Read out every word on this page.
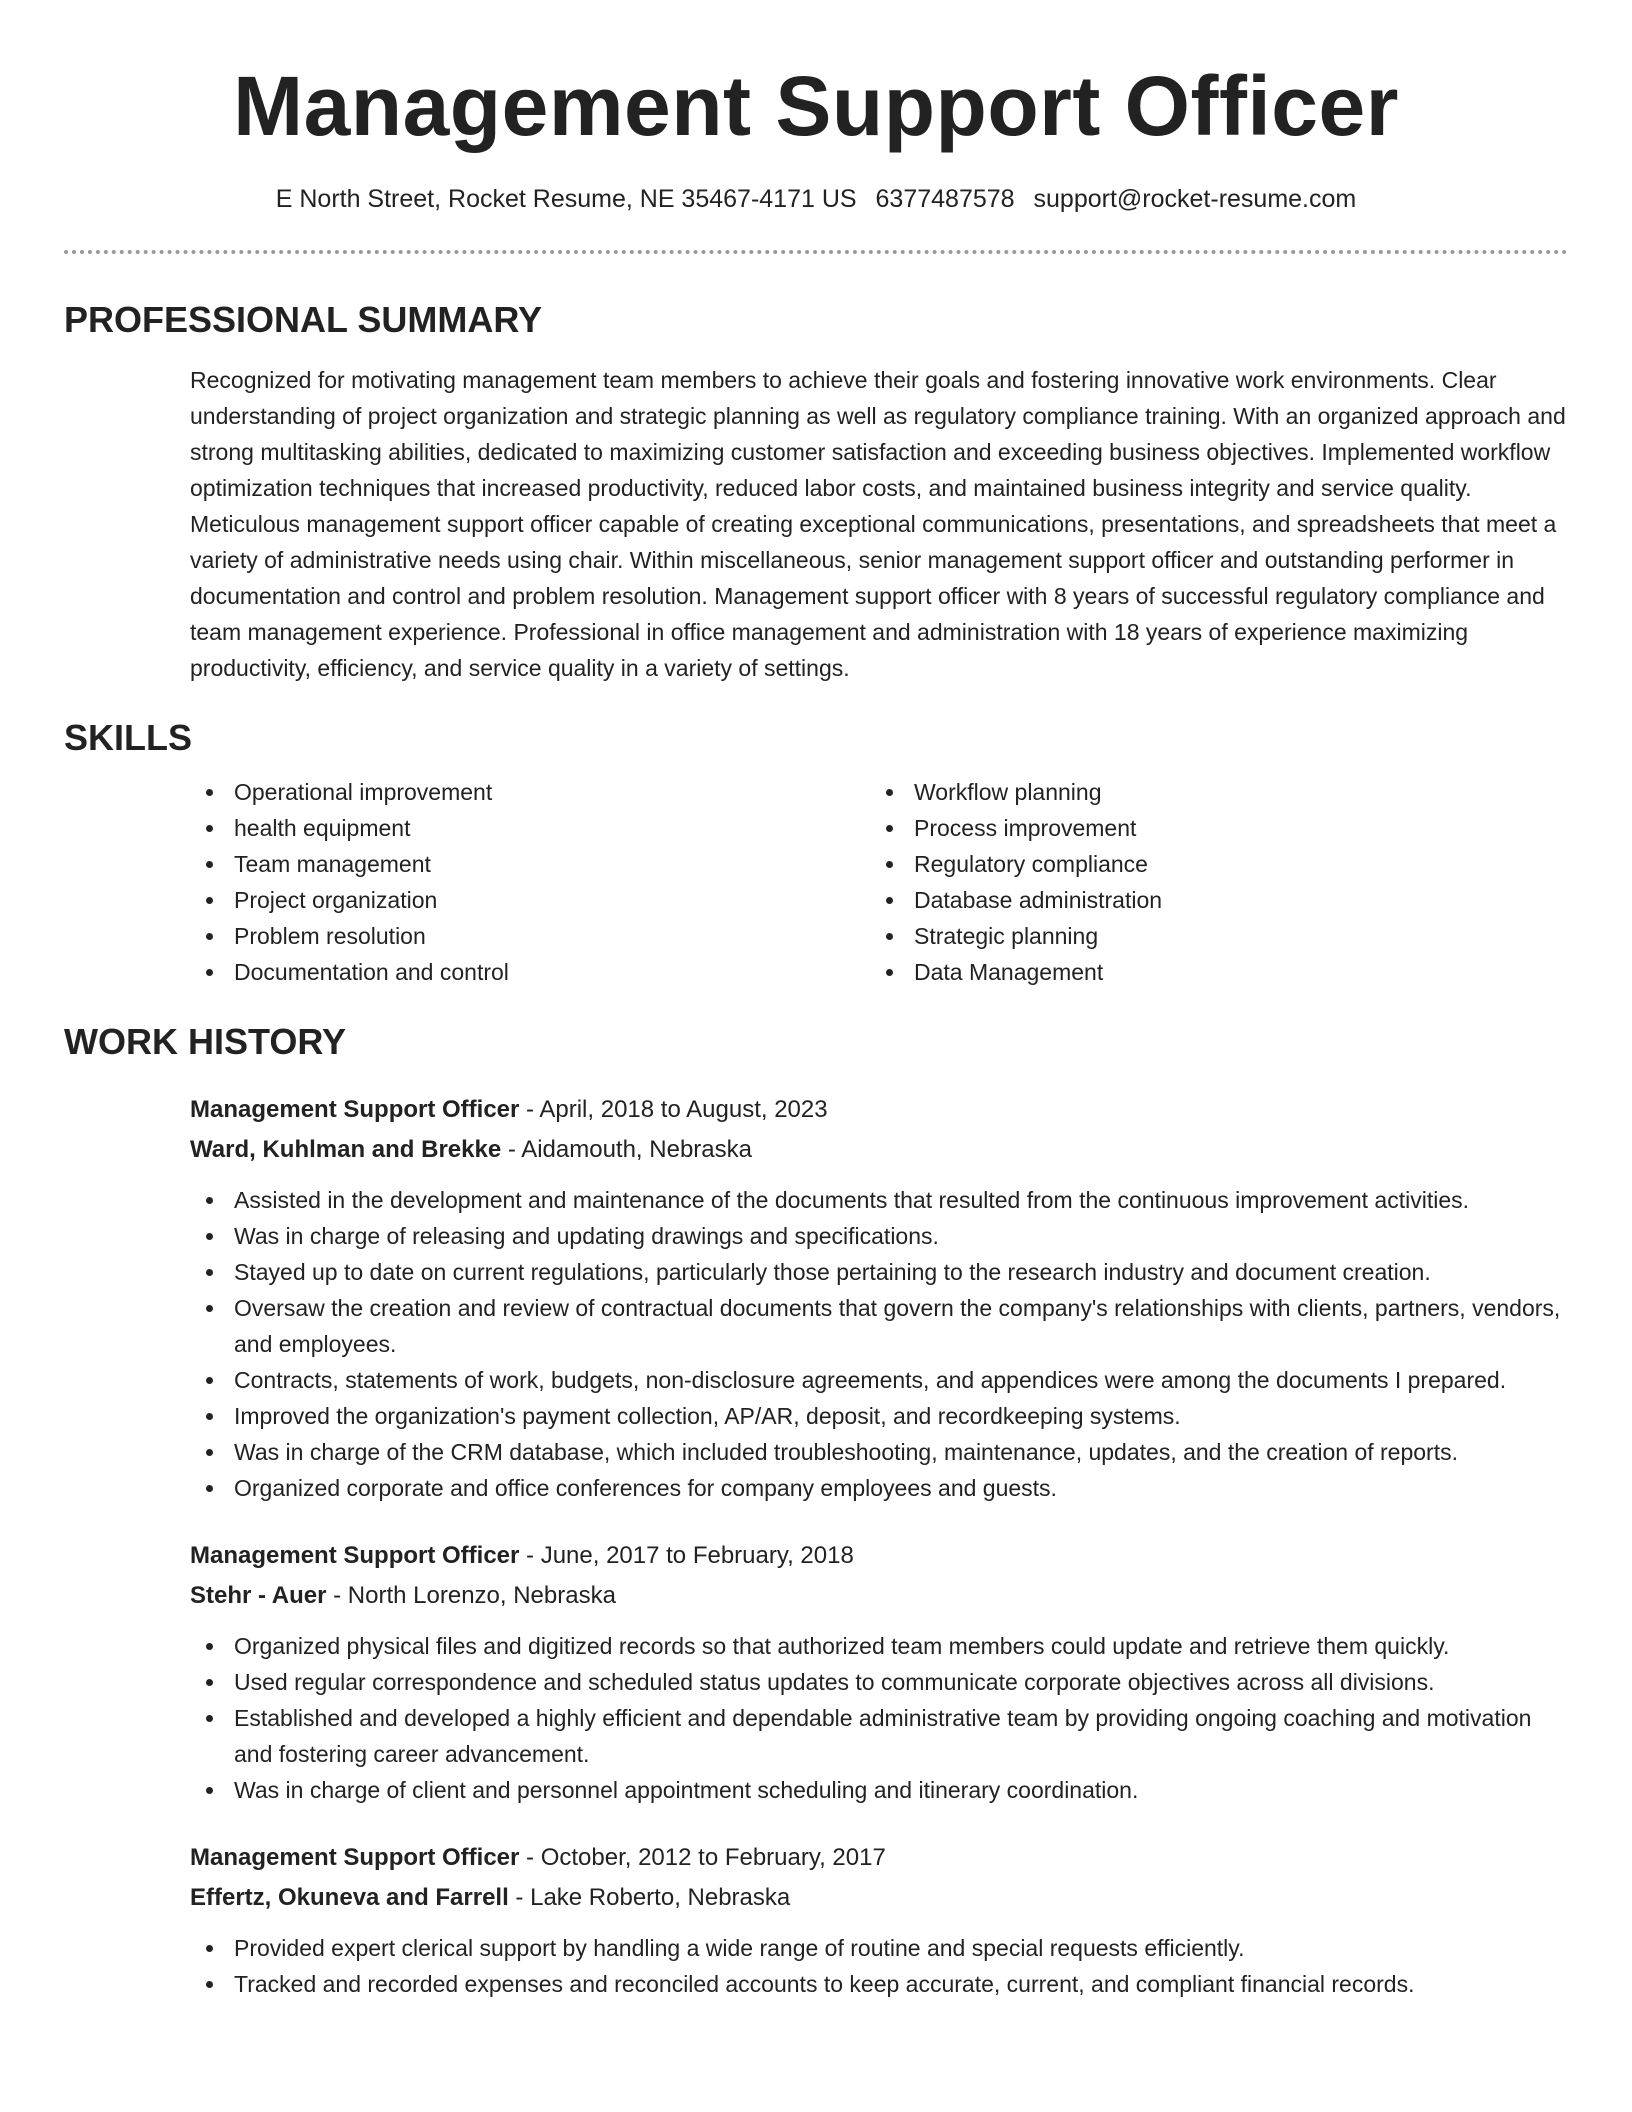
Management Support Officer
E North Street, Rocket Resume, NE 35467-4171 US 6377487578 support@rocket-resume.com
PROFESSIONAL SUMMARY

Recognized for motivating management team members to achieve their goals and fostering innovative work environments. Clear understanding of project organization and strategic planning as well as regulatory compliance training. With an organized approach and strong multitasking abilities, dedicated to maximizing customer satisfaction and exceeding business objectives. Implemented workflow optimization techniques that increased productivity, reduced labor costs, and maintained business integrity and service quality. Meticulous management support officer capable of creating exceptional communications, presentations, and spreadsheets that meet a variety of administrative needs using chair. Within miscellaneous, senior management support officer and outstanding performer in documentation and control and problem resolution. Management support officer with 8 years of successful regulatory compliance and team management experience. Professional in office management and administration with 18 years of experience maximizing productivity, efficiency, and service quality in a variety of settings.

SKILLS
Operational improvement
health equipment
Team management
Project organization
Problem resolution
Documentation and control
Workflow planning
Process improvement
Regulatory compliance
Database administration
Strategic planning
Data Management
WORK HISTORY
Management Support Officer - April, 2018 to August, 2023
Ward, Kuhlman and Brekke - Aidamouth, Nebraska
Assisted in the development and maintenance of the documents that resulted from the continuous improvement activities.
Was in charge of releasing and updating drawings and specifications.
Stayed up to date on current regulations, particularly those pertaining to the research industry and document creation.
Oversaw the creation and review of contractual documents that govern the company's relationships with clients, partners, vendors, and employees.
Contracts, statements of work, budgets, non-disclosure agreements, and appendices were among the documents I prepared.
Improved the organization's payment collection, AP/AR, deposit, and recordkeeping systems.
Was in charge of the CRM database, which included troubleshooting, maintenance, updates, and the creation of reports.
Organized corporate and office conferences for company employees and guests.
Management Support Officer - June, 2017 to February, 2018
Stehr - Auer - North Lorenzo, Nebraska
Organized physical files and digitized records so that authorized team members could update and retrieve them quickly.
Used regular correspondence and scheduled status updates to communicate corporate objectives across all divisions.
Established and developed a highly efficient and dependable administrative team by providing ongoing coaching and motivation and fostering career advancement.
Was in charge of client and personnel appointment scheduling and itinerary coordination.
Management Support Officer - October, 2012 to February, 2017
Effertz, Okuneva and Farrell - Lake Roberto, Nebraska
Provided expert clerical support by handling a wide range of routine and special requests efficiently.
Tracked and recorded expenses and reconciled accounts to keep accurate, current, and compliant financial records.
